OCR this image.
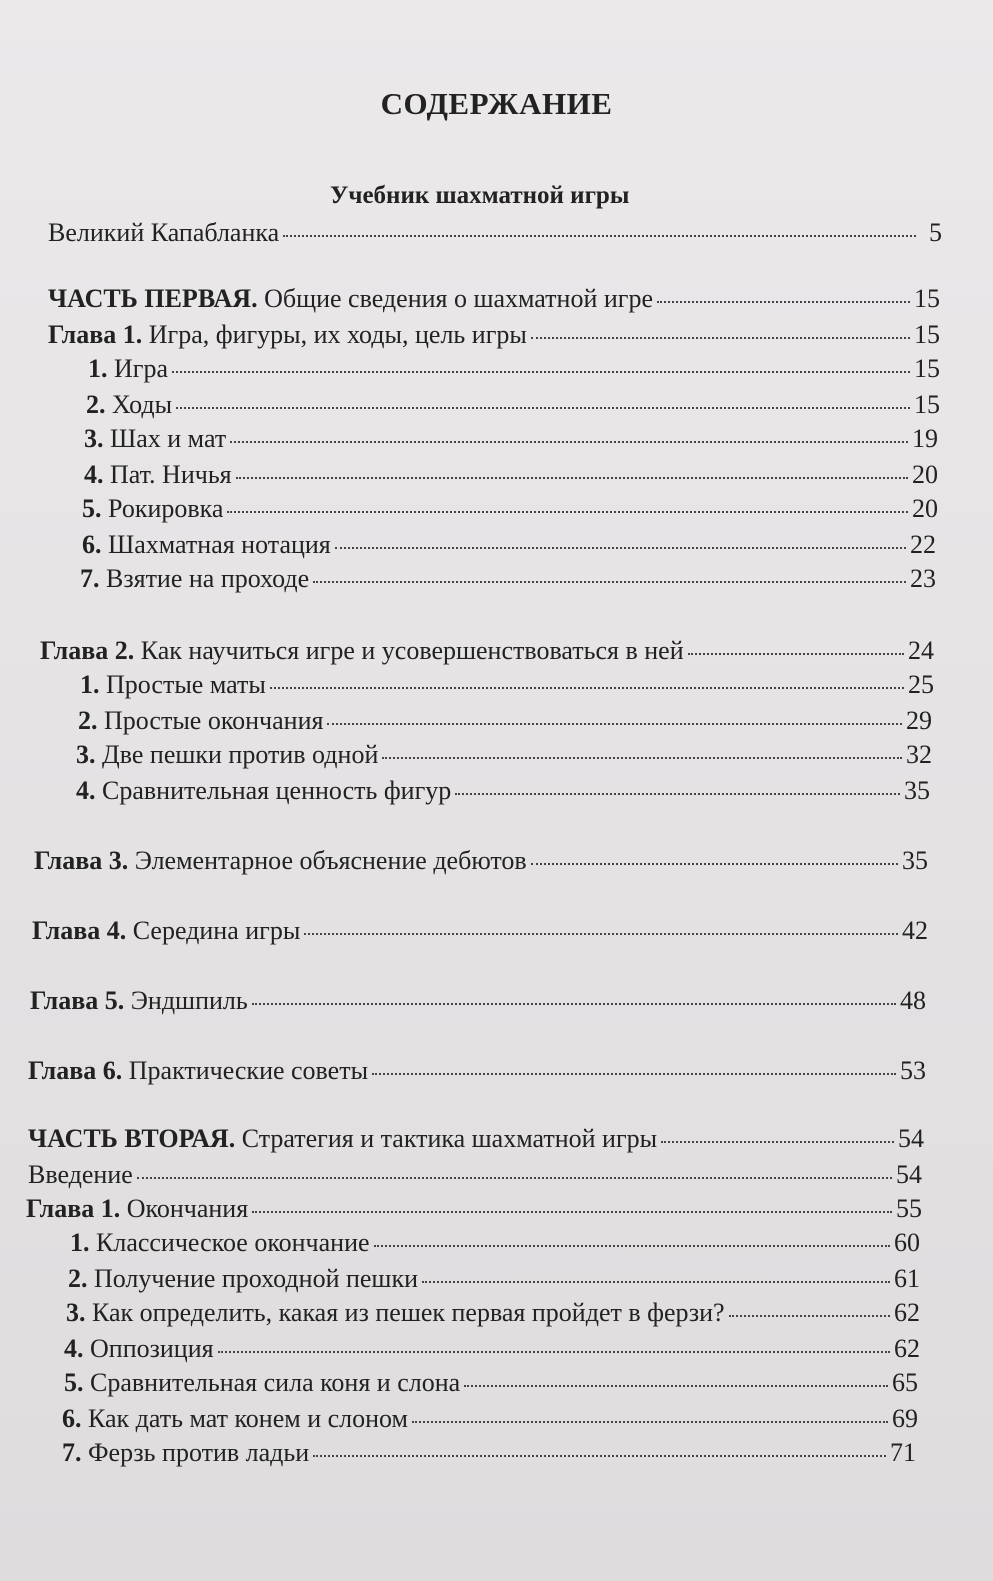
СОДЕРЖАНИЕ
Учебник шахматной игры
Великий Капабланка	5
ЧАСТЬ ПЕРВАЯ. Общие сведения о шахматной игре	15
Глава 1. Игра, фигуры, их ходы, цель игры	15
1. Игра	15
2. Ходы	15
3. Шах и мат	19
4. Пат. Ничья	20
5. Рокировка	20
6. Шахматная нотация	22
7. Взятие на проходе	23
Глава 2. Как научиться игре и усовершенствоваться в ней	24
1. Простые маты	25
2. Простые окончания	29
3. Две пешки против одной	32
4. Сравнительная ценность фигур	35
Глава 3. Элементарное объяснение дебютов	35
Глава 4. Середина игры	42
Глава 5. Эндшпиль	48
Глава 6. Практические советы	53
ЧАСТЬ ВТОРАЯ. Стратегия и тактика шахматной игры	54
Введение	54
Глава 1. Окончания	55
1. Классическое окончание	60
2. Получение проходной пешки	61
3. Как определить, какая из пешек первая пройдет в ферзи?	62
4. Оппозиция	62
5. Сравнительная сила коня и слона	65
6. Как дать мат конем и слоном	69
7. Ферзь против ладьи	71
